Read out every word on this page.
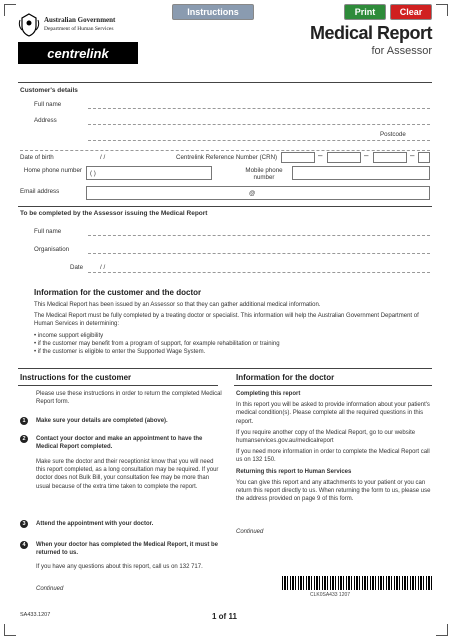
Instructions	Print	Clear
Australian Government
Department of Human Services
centrelink
Medical Report
for Assessor
Customer's details
Full name
Address
Postcode
Date of birth	/ /	Centrelink Reference Number (CRN)	–	–	–
Home phone number ( )	Mobile phone number
Email address	@
To be completed by the Assessor issuing the Medical Report
Full name
Organisation
Date	/ /
Information for the customer and the doctor

This Medical Report has been issued by an Assessor so that they can gather additional medical information.

The Medical Report must be fully completed by a treating doctor or specialist. This information will help the Australian Government Department of Human Services in determining:

• income support eligibility
• if the customer may benefit from a program of support, for example rehabilitation or training
• if the customer is eligible to enter the Supported Wage System.
Instructions for the customer
Please use these instructions in order to return the completed Medical Report form.
1	Make sure your details are completed (above).
2	Contact your doctor and make an appointment to have the Medical Report completed.
Make sure the doctor and their receptionist know that you will need this report completed, as a long consultation may be required. If your doctor does not Bulk Bill, your consultation fee may be more than usual because of the extra time taken to complete the report.
3	Attend the appointment with your doctor.
4	When your doctor has completed the Medical Report, it must be returned to us.
If you have any questions about this report, call us on 132 717.
Continued
Information for the doctor

Completing this report

In this report you will be asked to provide information about your patient's medical condition(s). Please complete all the required questions in this report.

If you require another copy of the Medical Report, go to our website humanservices.gov.au/medicalreport

If you need more information in order to complete the Medical Report call us on 132 150.

Returning this report to Human Services

You can give this report and any attachments to your patient or you can return this report directly to us. When returning the form to us, please use the address provided on page 9 of this form.

Continued
CLK0SA433 1207
SA433.1207	1 of 11
